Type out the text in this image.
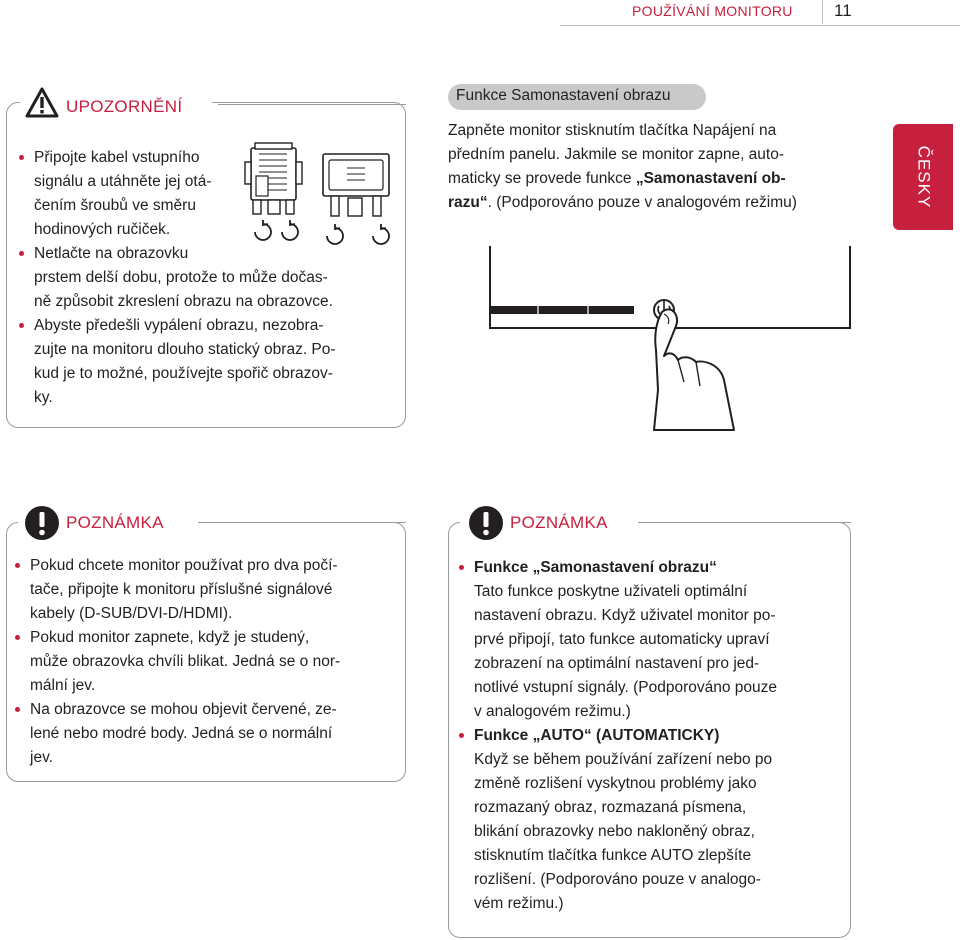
POUŽÍVÁNÍ MONITORU 11
ČESKY
UPOZORNĚNÍ
Připojte kabel vstupního
signálu a utáhněte jej otá-
čením šroubů ve směru
hodinových ručiček.
Netlačte na obrazovku
prstem delší dobu, protože to může dočas-
ně způsobit zkreslení obrazu na obrazovce.
Abyste předešli vypálení obrazu, nezobra-
zujte na monitoru dlouho statický obraz. Po-
kud je to možné, používejte spořič obrazov-
ky.
Funkce Samonastavení obrazu
Zapněte monitor stisknutím tlačítka Napájení na
předním panelu. Jakmile se monitor zapne, auto-
maticky se provede funkce „Samonastavení ob-
razu“. (Podporováno pouze v analogovém režimu)
POZNÁMKA
Pokud chcete monitor používat pro dva počí-
tače, připojte k monitoru příslušné signálové
kabely (D-SUB/DVI-D/HDMI).
Pokud monitor zapnete, když je studený,
může obrazovka chvíli blikat. Jedná se o nor-
mální jev.
Na obrazovce se mohou objevit červené, ze-
lené nebo modré body. Jedná se o normální
jev.
POZNÁMKA
Funkce „Samonastavení obrazu“
Tato funkce poskytne uživateli optimální
nastavení obrazu. Když uživatel monitor po-
prvé připojí, tato funkce automaticky upraví
zobrazení na optimální nastavení pro jed-
notlivé vstupní signály. (Podporováno pouze
v analogovém režimu.)
Funkce „AUTO“ (AUTOMATICKY)
Když se během používání zařízení nebo po
změně rozlišení vyskytnou problémy jako
rozmazaný obraz, rozmazaná písmena,
blikání obrazovky nebo nakloněný obraz,
stisknutím tlačítka funkce AUTO zlepšíte
rozlišení. (Podporováno pouze v analogo-
vém režimu.)
